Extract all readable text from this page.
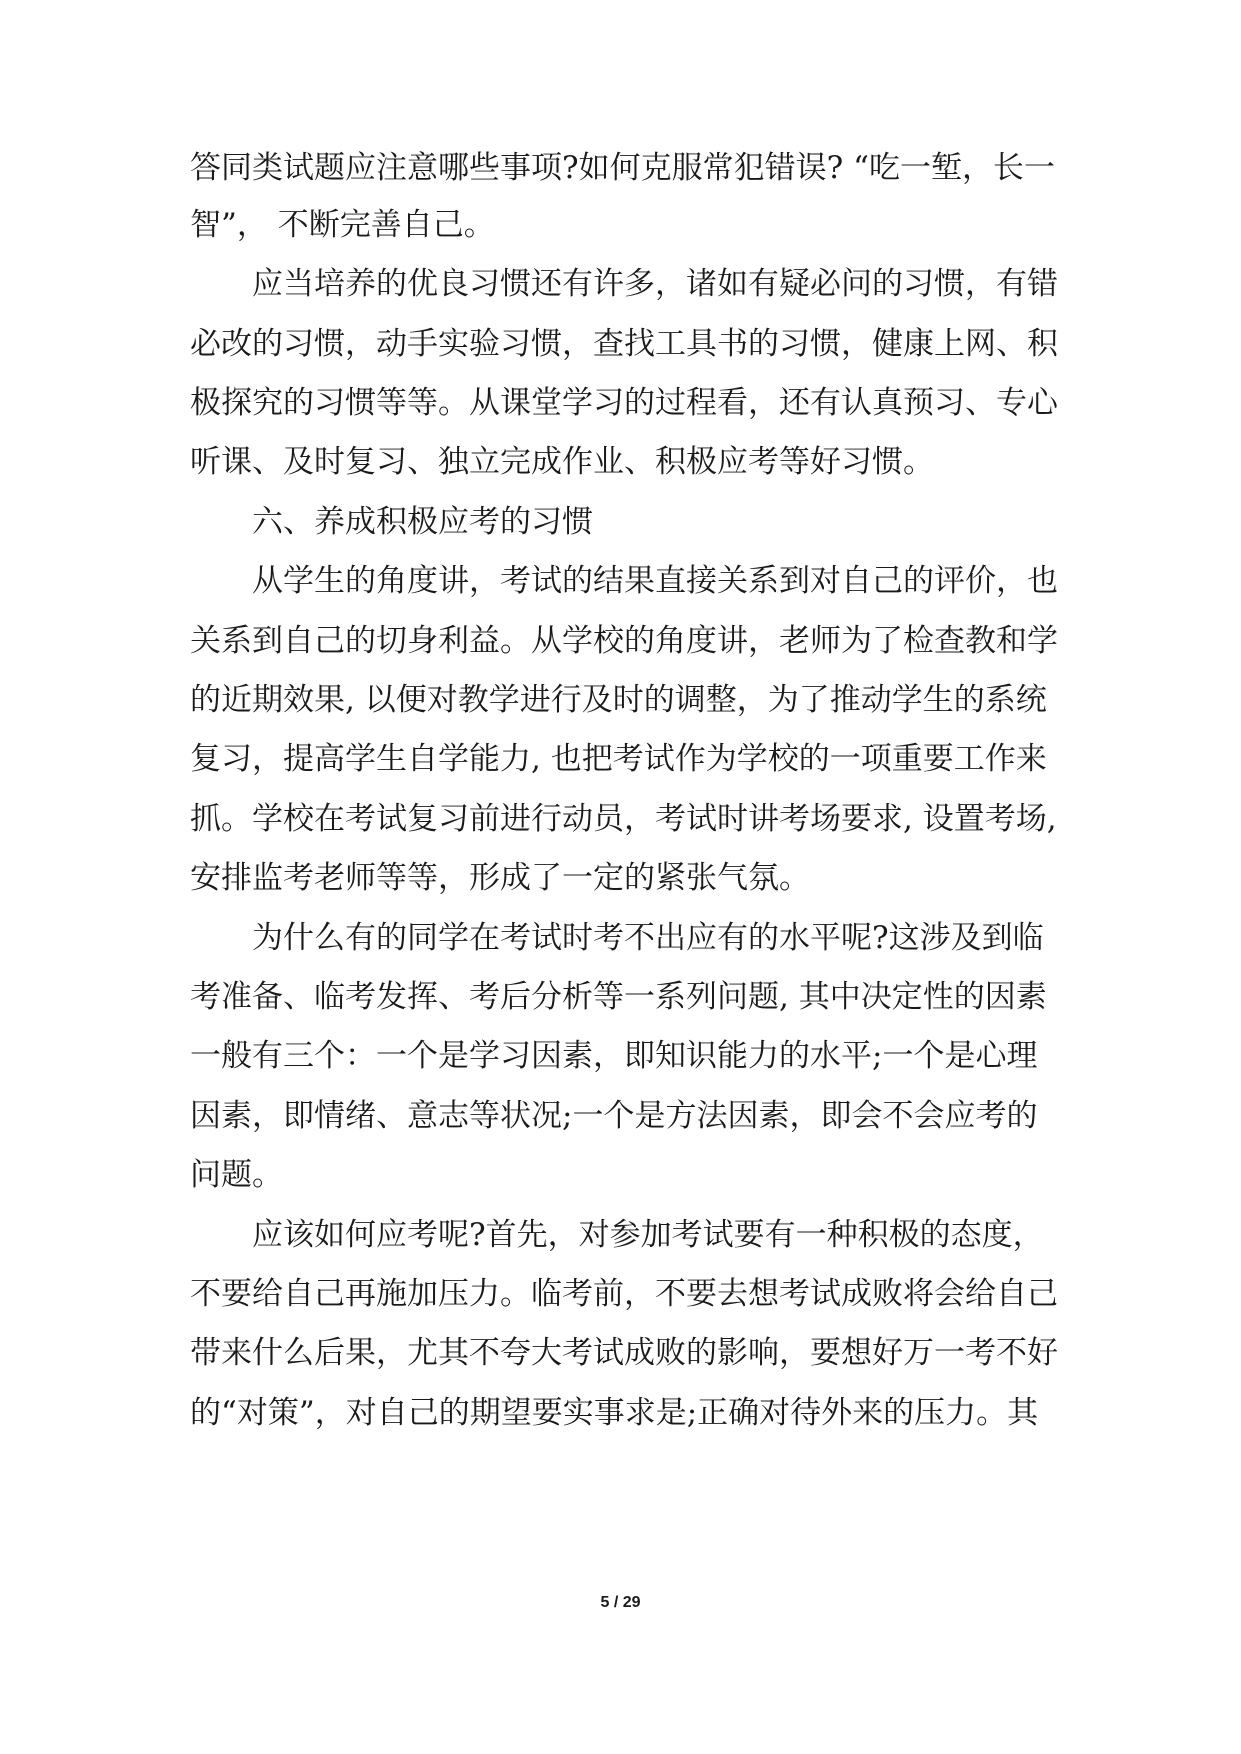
答同类试题应注意哪些事项?如何克服常犯错误? “吃一堑，长一
智”， 不断完善自己。
应当培养的优良习惯还有许多，诸如有疑必问的习惯，有错
必改的习惯，动手实验习惯，查找工具书的习惯，健康上网、积
极探究的习惯等等。从课堂学习的过程看，还有认真预习、专心
听课、及时复习、独立完成作业、积极应考等好习惯。
六、养成积极应考的习惯
从学生的角度讲，考试的结果直接关系到对自己的评价，也
关系到自己的切身利益。从学校的角度讲，老师为了检查教和学
的近期效果, 以便对教学进行及时的调整，为了推动学生的系统
复习，提高学生自学能力, 也把考试作为学校的一项重要工作来
抓。学校在考试复习前进行动员，考试时讲考场要求, 设置考场,
安排监考老师等等，形成了一定的紧张气氛。
为什么有的同学在考试时考不出应有的水平呢?这涉及到临
考准备、临考发挥、考后分析等一系列问题, 其中决定性的因素
一般有三个：一个是学习因素，即知识能力的水平;一个是心理
因素，即情绪、意志等状况;一个是方法因素，即会不会应考的
问题。
应该如何应考呢?首先，对参加考试要有一种积极的态度，
不要给自己再施加压力。临考前，不要去想考试成败将会给自己
带来什么后果，尤其不夸大考试成败的影响，要想好万一考不好
的“对策”，对自己的期望要实事求是;正确对待外来的压力。其
5 / 29
